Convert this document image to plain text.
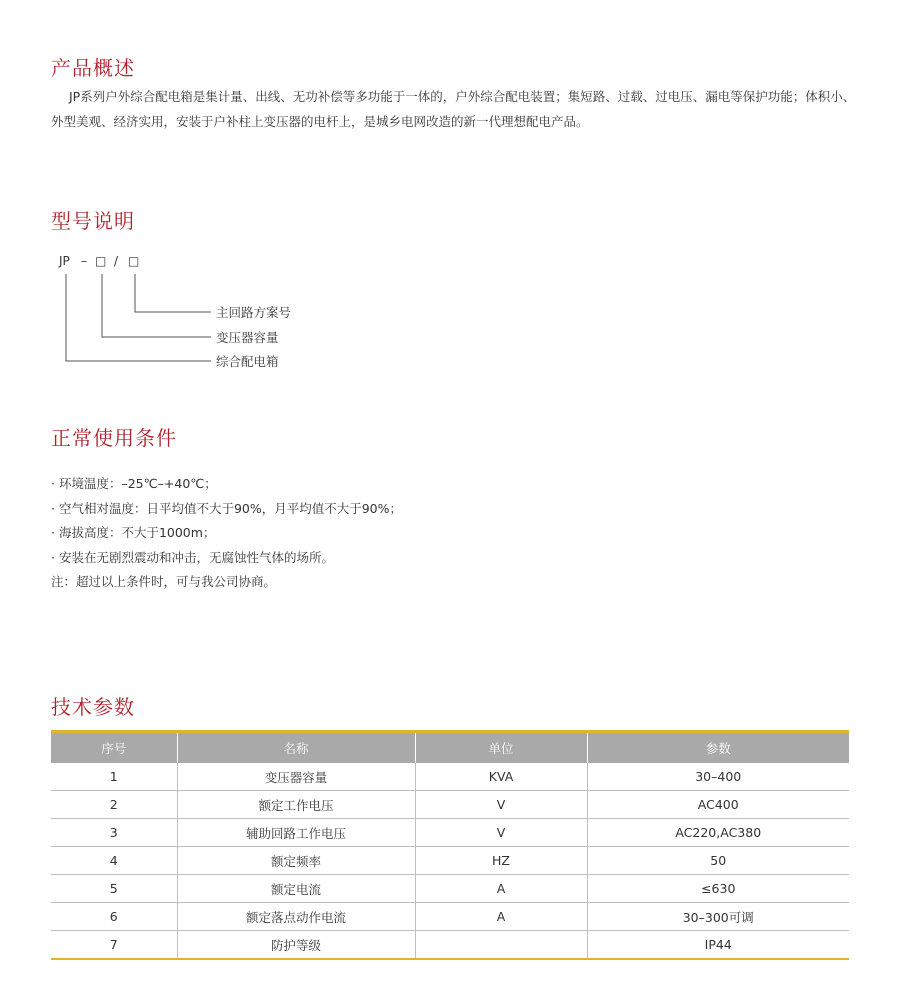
产品概述

JP系列户外综合配电箱是集计量、出线、无功补偿等多功能于一体的，户外综合配电装置；集短路、过载、过电压、漏电等保护功能；体积小、外型美观、经济实用，安装于户补柱上变压器的电杆上，是城乡电网改造的新一代理想配电产品。

型号说明
JP – □ / □
主回路方案号
变压器容量
综合配电箱
正常使用条件
· 环境温度：–25℃–+40℃；
· 空气相对温度：日平均值不大于90%，月平均值不大于90%；
· 海拔高度：不大于1000m；
· 安装在无剧烈震动和冲击，无腐蚀性气体的场所。
注：超过以上条件时，可与我公司协商。
技术参数
序号	名称	单位	参数
1	变压器容量	KVA	30–400
2	额定工作电压	V	AC400
3	辅助回路工作电压	V	AC220,AC380
4	额定频率	HZ	50
5	额定电流	A	≤630
6	额定落点动作电流	A	30–300可调
7	防护等级		IP44
